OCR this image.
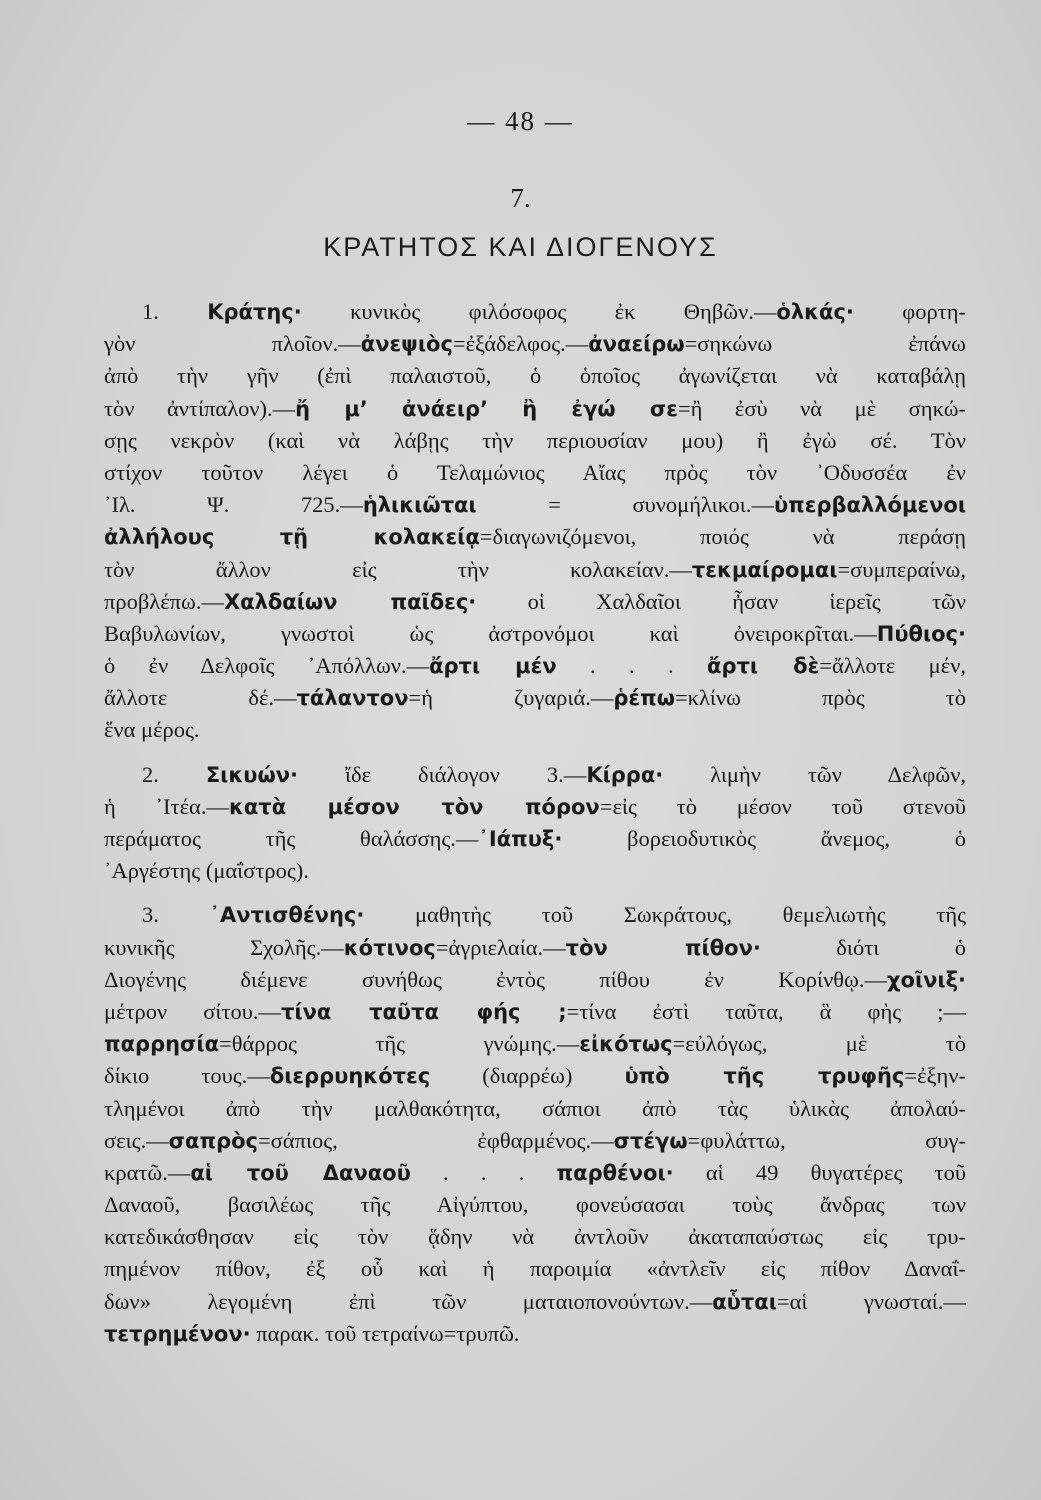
— 48 —
7.
ΚΡΑΤΗΤΟΣ ΚΑΙ ΔΙΟΓΕΝΟΥΣ
1. Κράτης· κυνικὸς φιλόσοφος ἐκ Θηβῶν.—ὁλκάς· φορτη-
γὸν πλοῖον.—ἀνεψιὸς=ἐξάδελφος.—ἀναείρω=σηκώνω ἐπάνω
ἀπὸ τὴν γῆν (ἐπὶ παλαιστοῦ, ὁ ὁποῖος ἀγωνίζεται νὰ καταβάλῃ
τὸν ἀντίπαλον).—ἤ μ’ ἀνάειρ’ ἢ ἐγώ σε=ἢ ἐσὺ νὰ μὲ σηκώ-
σῃς νεκρὸν (καὶ νὰ λάβῃς τὴν περιουσίαν μου) ἢ ἐγὼ σέ. Τὸν
στίχον τοῦτον λέγει ὁ Τελαμώνιος Αἴας πρὸς τὸν ᾿Οδυσσέα ἐν
᾿Ιλ. Ψ. 725.—ἡλικιῶται = συνομήλικοι.—ὑπερβαλλόμενοι
ἀλλήλους τῇ κολακείᾳ=διαγωνιζόμενοι, ποιός νὰ περάσῃ
τὸν ἄλλον εἰς τὴν κολακείαν.—τεκμαίρομαι=συμπεραίνω,
προβλέπω.—Χαλδαίων παῖδες· οἱ Χαλδαῖοι ἦσαν ἱερεῖς τῶν
Βαβυλωνίων, γνωστοὶ ὡς ἀστρονόμοι καὶ ὀνειροκρῖται.—Πύθιος·
ὁ ἐν Δελφοῖς ᾿Απόλλων.—ἄρτι μέν . . . ἄρτι δὲ=ἄλλοτε μέν,
ἄλλοτε δέ.—τάλαντον=ἡ ζυγαριά.—ῥέπω=κλίνω πρὸς τὸ
ἕνα μέρος.
2. Σικυών· ἴδε διάλογον 3.—Κίρρα· λιμὴν τῶν Δελφῶν,
ἡ ᾿Ιτέα.—κατὰ μέσον τὸν πόρον=εἰς τὸ μέσον τοῦ στενοῦ
περάματος τῆς θαλάσσης.—᾿Ιάπυξ· βορειοδυτικὸς ἄνεμος, ὁ
᾿Αργέστης (μαΐστρος).
3. ᾿Αντισθένης· μαθητὴς τοῦ Σωκράτους, θεμελιωτὴς τῆς
κυνικῆς Σχολῆς.—κότινος=ἀγριελαία.—τὸν πίθον· διότι ὁ
Διογένης διέμενε συνήθως ἐντὸς πίθου ἐν Κορίνθῳ.—χοῖνιξ·
μέτρον σίτου.—τίνα ταῦτα φής ;=τίνα ἐστὶ ταῦτα, ἃ φὴς ;—
παρρησία=θάρρος τῆς γνώμης.—εἰκότως=εὐλόγως, μὲ τὸ
δίκιο τους.—διερρυηκότες (διαρρέω) ὑπὸ τῆς τρυφῆς=ἐξην-
τλημένοι ἀπὸ τὴν μαλθακότητα, σάπιοι ἀπὸ τὰς ὑλικὰς ἀπολαύ-
σεις.—σαπρὸς=σάπιος, ἐφθαρμένος.—στέγω=φυλάττω, συγ-
κρατῶ.—αἱ τοῦ Δαναοῦ . . . παρθένοι· αἱ 49 θυγατέρες τοῦ
Δαναοῦ, βασιλέως τῆς Αἰγύπτου, φονεύσασαι τοὺς ἄνδρας των
κατεδικάσθησαν εἰς τὸν ᾅδην νὰ ἀντλοῦν ἀκαταπαύστως εἰς τρυ-
πημένον πίθον, ἐξ οὗ καὶ ἡ παροιμία «ἀντλεῖν εἰς πίθον Δαναΐ-
δων» λεγομένη ἐπὶ τῶν ματαιοπονούντων.—αὗται=αἱ γνωσταί.—
τετρημένον· παρακ. τοῦ τετραίνω=τρυπῶ.
